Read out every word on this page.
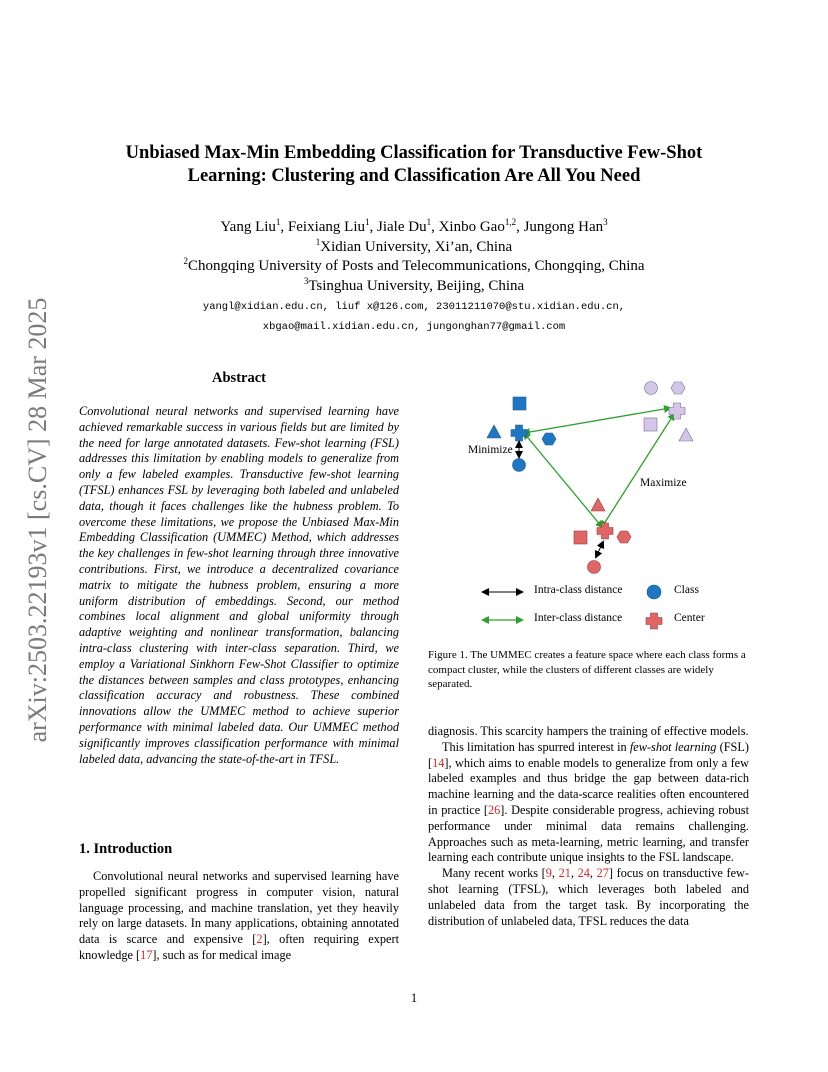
arXiv:2503.22193v1 [cs.CV] 28 Mar 2025
Unbiased Max-Min Embedding Classification for Transductive Few-Shot
Learning: Clustering and Classification Are All You Need
Yang Liu$^1$, Feixiang Liu$^1$, Jiale Du$^1$, Xinbo Gao$^{1,2}$, Jungong Han$^3$
$^1$Xidian University, Xi’an, China
$^2$Chongqing University of Posts and Telecommunications, Chongqing, China
$^3$Tsinghua University, Beijing, China
yangl@xidian.edu.cn, liuf x@126.com, 23011211070@stu.xidian.edu.cn,
xbgao@mail.xidian.edu.cn, jungonghan77@gmail.com
Abstract
Convolutional neural networks and supervised learning have achieved remarkable success in various fields but are limited by the need for large annotated datasets. Few-shot learning (FSL) addresses this limitation by enabling models to generalize from only a few labeled examples. Transductive few-shot learning (TFSL) enhances FSL by leveraging both labeled and unlabeled data, though it faces challenges like the hubness problem. To overcome these limitations, we propose the Unbiased Max-Min Embedding Classification (UMMEC) Method, which addresses the key challenges in few-shot learning through three innovative contributions. First, we introduce a decentralized covariance matrix to mitigate the hubness problem, ensuring a more uniform distribution of embeddings. Second, our method combines local alignment and global uniformity through adaptive weighting and nonlinear transformation, balancing intra-class clustering with inter-class separation. Third, we employ a Variational Sinkhorn Few-Shot Classifier to optimize the distances between samples and class prototypes, enhancing classification accuracy and robustness. These combined innovations allow the UMMEC method to achieve superior performance with minimal labeled data. Our UMMEC method significantly improves classification performance with minimal labeled data, advancing the state-of-the-art in TFSL.
1. Introduction

Convolutional neural networks and supervised learning have propelled significant progress in computer vision, natural language processing, and machine translation, yet they heavily rely on large datasets. In many applications, obtaining annotated data is scarce and expensive [2], often requiring expert knowledge [17], such as for medical image

Minimize
Maximize
Intra-class distance
Inter-class distance
Class
Center
Figure 1. The UMMEC creates a feature space where each class forms a compact cluster, while the clusters of different classes are widely separated.

diagnosis. This scarcity hampers the training of effective models.

This limitation has spurred interest in few-shot learning (FSL) [14], which aims to enable models to generalize from only a few labeled examples and thus bridge the gap between data-rich machine learning and the data-scarce realities often encountered in practice [26]. Despite considerable progress, achieving robust performance under minimal data remains challenging. Approaches such as meta-learning, metric learning, and transfer learning each contribute unique insights to the FSL landscape.

Many recent works [9, 21, 24, 27] focus on transductive few-shot learning (TFSL), which leverages both labeled and unlabeled data from the target task. By incorporating the distribution of unlabeled data, TFSL reduces the data

1
